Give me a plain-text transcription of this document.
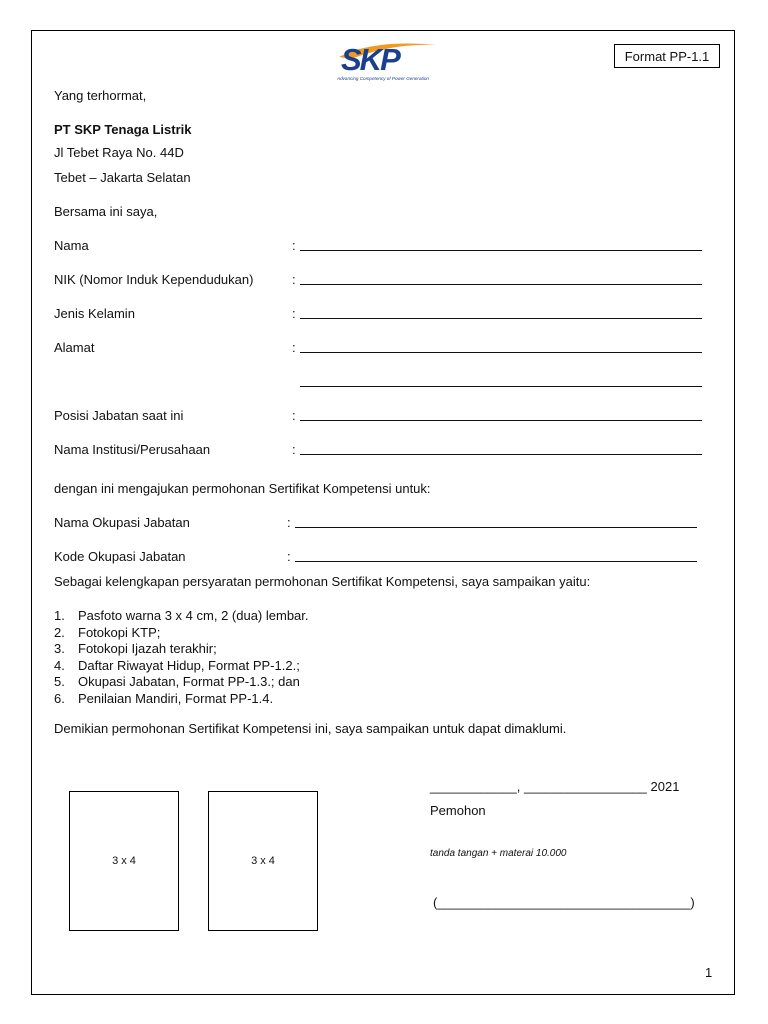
SKP
Advancing Competency of Power Generation
Format PP-1.1
Yang terhormat,
PT SKP Tenaga Listrik
Jl Tebet Raya No. 44D
Tebet – Jakarta Selatan
Bersama ini saya,
Nama	:
NIK (Nomor Induk Kependudukan)	:
Jenis Kelamin	:
Alamat	:
Posisi Jabatan saat ini	:
Nama Institusi/Perusahaan	:
dengan ini mengajukan permohonan Sertifikat Kompetensi untuk:
Nama Okupasi Jabatan	:
Kode Okupasi Jabatan	:
Sebagai kelengkapan persyaratan permohonan Sertifikat Kompetensi, saya sampaikan yaitu:
1. Pasfoto warna 3 x 4 cm, 2 (dua) lembar.
2. Fotokopi KTP;
3. Fotokopi Ijazah terakhir;
4. Daftar Riwayat Hidup, Format PP-1.2.;
5. Okupasi Jabatan, Format PP-1.3.; dan
6. Penilaian Mandiri, Format PP-1.4.
Demikian permohonan Sertifikat Kompetensi ini, saya sampaikan untuk dapat dimaklumi.
3 x 4	3 x 4
____________, _________________ 2021
Pemohon
tanda tangan + materai 10.000
(___________________________________)
1
